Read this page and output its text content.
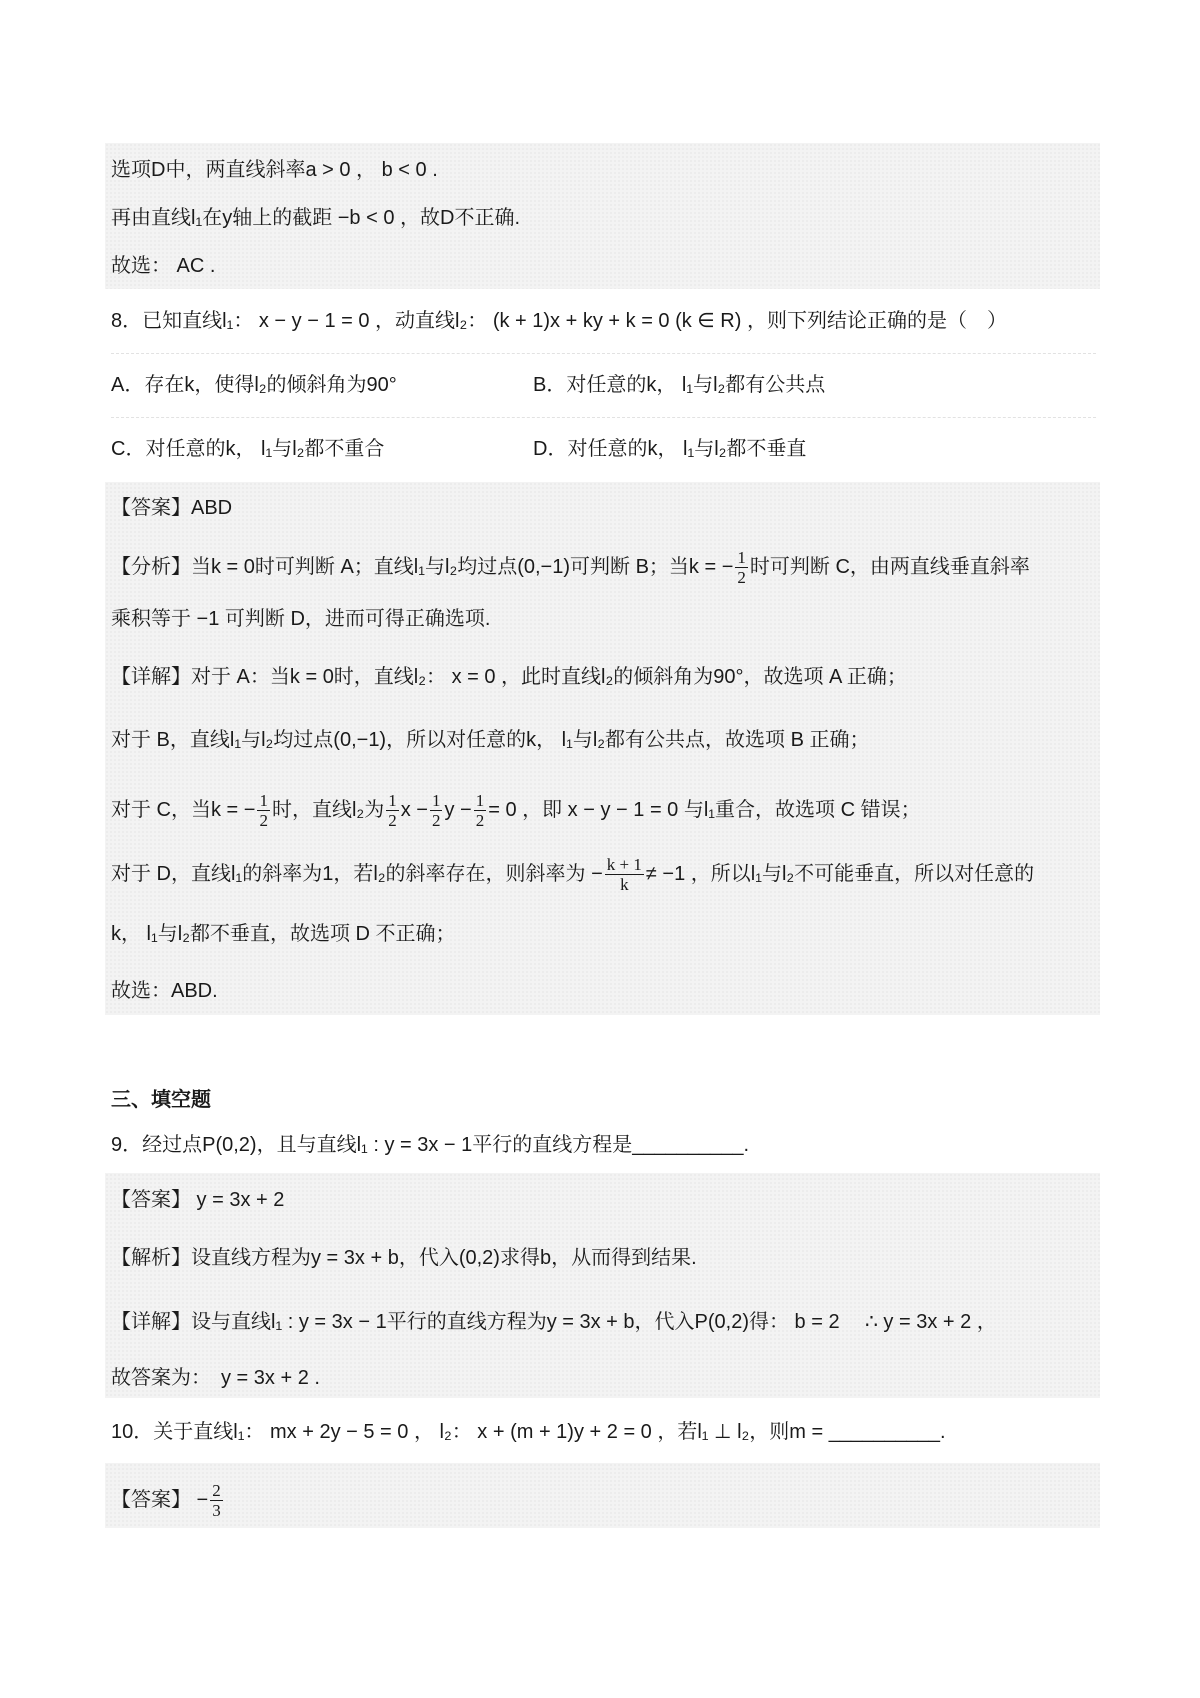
选项D中，两直线斜率a > 0 ， b < 0 .
再由直线l₁在y轴上的截距 −b < 0 ，故D不正确.
故选： AC .
8．已知直线l₁： x − y − 1 = 0 ，动直线l₂： (k + 1)x + ky + k = 0 (k ∈ R) ，则下列结论正确的是（　）
A．存在k，使得l₂的倾斜角为90°	B．对任意的k， l₁与l₂都有公共点
C．对任意的k， l₁与l₂都不重合	D．对任意的k， l₁与l₂都不垂直
【答案】ABD
【分析】当k = 0时可判断 A；直线l₁与l₂均过点(0,−1)可判断 B；当k = − $\frac{1}{2}$ 时可判断 C，由两直线垂直斜率
乘积等于 −1 可判断 D，进而可得正确选项.
【详解】对于 A：当k = 0时，直线l₂： x = 0 ，此时直线l₂的倾斜角为90°，故选项 A 正确；
对于 B，直线l₁与l₂均过点(0,−1)，所以对任意的k， l₁与l₂都有公共点，故选项 B 正确；
对于 C，当k = − $\frac{1}{2}$ 时，直线l₂为 $\frac{1}{2}$ $x - \frac{1}{2}$ $y - \frac{1}{2} = 0$ ，即 x − y − 1 = 0 与l₁重合，故选项 C 错误；
对于 D，直线l₁的斜率为1，若l₂的斜率存在，则斜率为 − $\frac{k + 1}{k} \ne -1$ ，所以l₁与l₂不可能垂直，所以对任意的
k， l₁与l₂都不垂直，故选项 D 不正确；
故选：ABD.
三、填空题
9．经过点P(0,2)，且与直线l₁ : y = 3x − 1平行的直线方程是__________.
【答案】 y = 3x + 2
【解析】设直线方程为y = 3x + b，代入(0,2)求得b，从而得到结果.
【详解】设与直线l₁ : y = 3x − 1平行的直线方程为y = 3x + b，代入P(0,2)得： b = 2　 ∴ y = 3x + 2 ，
故答案为：　y = 3x + 2 .
10．关于直线l₁： mx + 2y − 5 = 0 ， l₂： x + (m + 1)y + 2 = 0 ，若l₁ ⊥ l₂，则m = __________.
【答案】 − $\frac{2}{3}$
